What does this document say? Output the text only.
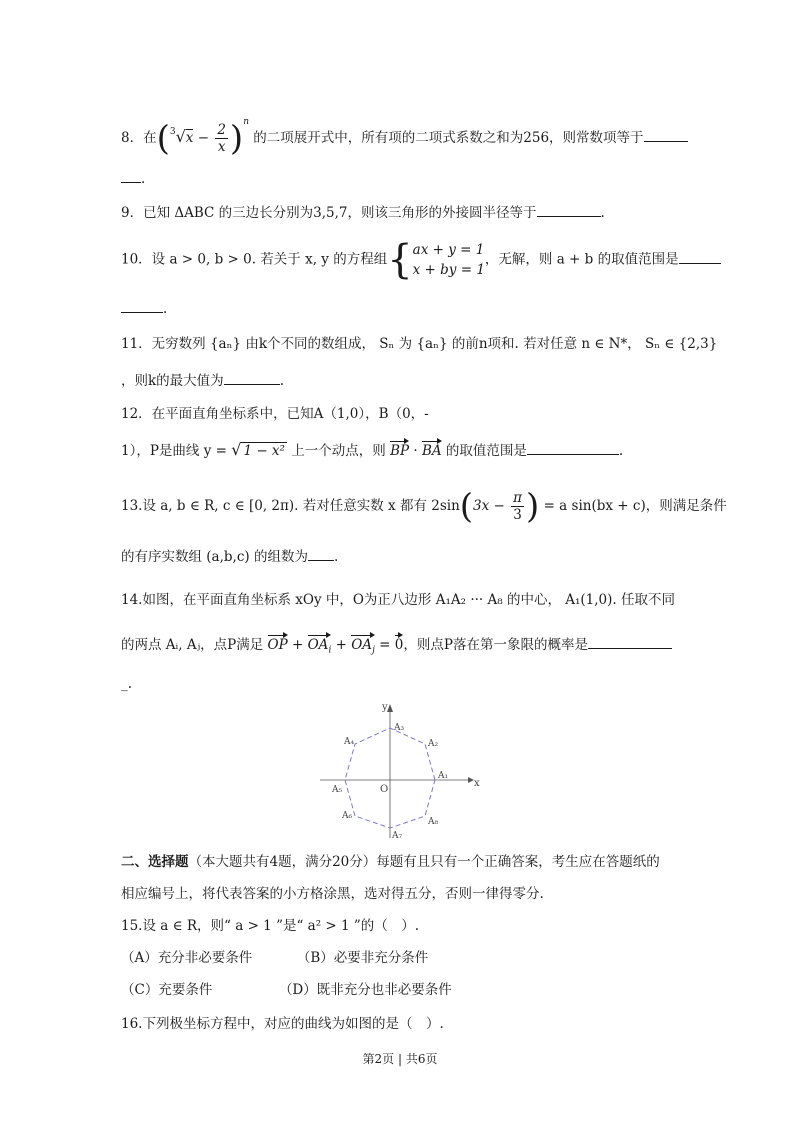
8．在$(^3√x - \frac{2}{x} )^n$ 的二项展开式中，所有项的二项式系数之和为256，则常数项等于
.
9．已知 ΔABC 的三边长分别为3,5,7，则该三角形的外接圆半径等于	.
10．设 a > 0, b > 0. 若关于 x, y 的方程组{ ax + y = 1
x + by = 1
，无解，则 a + b 的取值范围是
.
11．无穷数列 {aₙ} 由k个不同的数组成， Sₙ 为 {aₙ} 的前n项和. 若对任意 n ∈ N*， Sₙ ∈ {2,3}
，则k的最大值为	.
12．在平面直角坐标系中，已知A（1,0），B（0，-
1），P是曲线 y = √ 1 − x² 上一个动点，则 BP · BA 的取值范围是	.
13.设 a, b ∈ R, c ∈ [0, 2π). 若对任意实数 x 都有 $2\sin(3x - \frac{\pi}{3}$ ) = a sin(bx + c)，则满足条件
的有序实数组 (a,b,c) 的组数为 .
14.如图，在平面直角坐标系 xOy 中，O为正八边形 A₁A₂ ··· A₈ 的中心， A₁(1,0). 任取不同
的两点 Aᵢ, Aⱼ，点P满足 OP + $OA_i + OA_j = 0$，则点P落在第一象限的概率是
_.
y
x
O
A₁
A₂
A₃
A₄
A₅
A₆
A₇
A₈
二、选择题（本大题共有4题，满分20分）每题有且只有一个正确答案，考生应在答题纸的
相应编号上，将代表答案的小方格涂黑，选对得五分，否则一律得零分.
15.设 a ∈ R，则“ a > 1 ”是“ a² > 1 ”的（　）.
（A）充分非必要条件	（B）必要非充分条件
（C）充要条件	（D）既非充分也非必要条件
16.下列极坐标方程中，对应的曲线为如图的是（　）.
第2页 | 共6页
